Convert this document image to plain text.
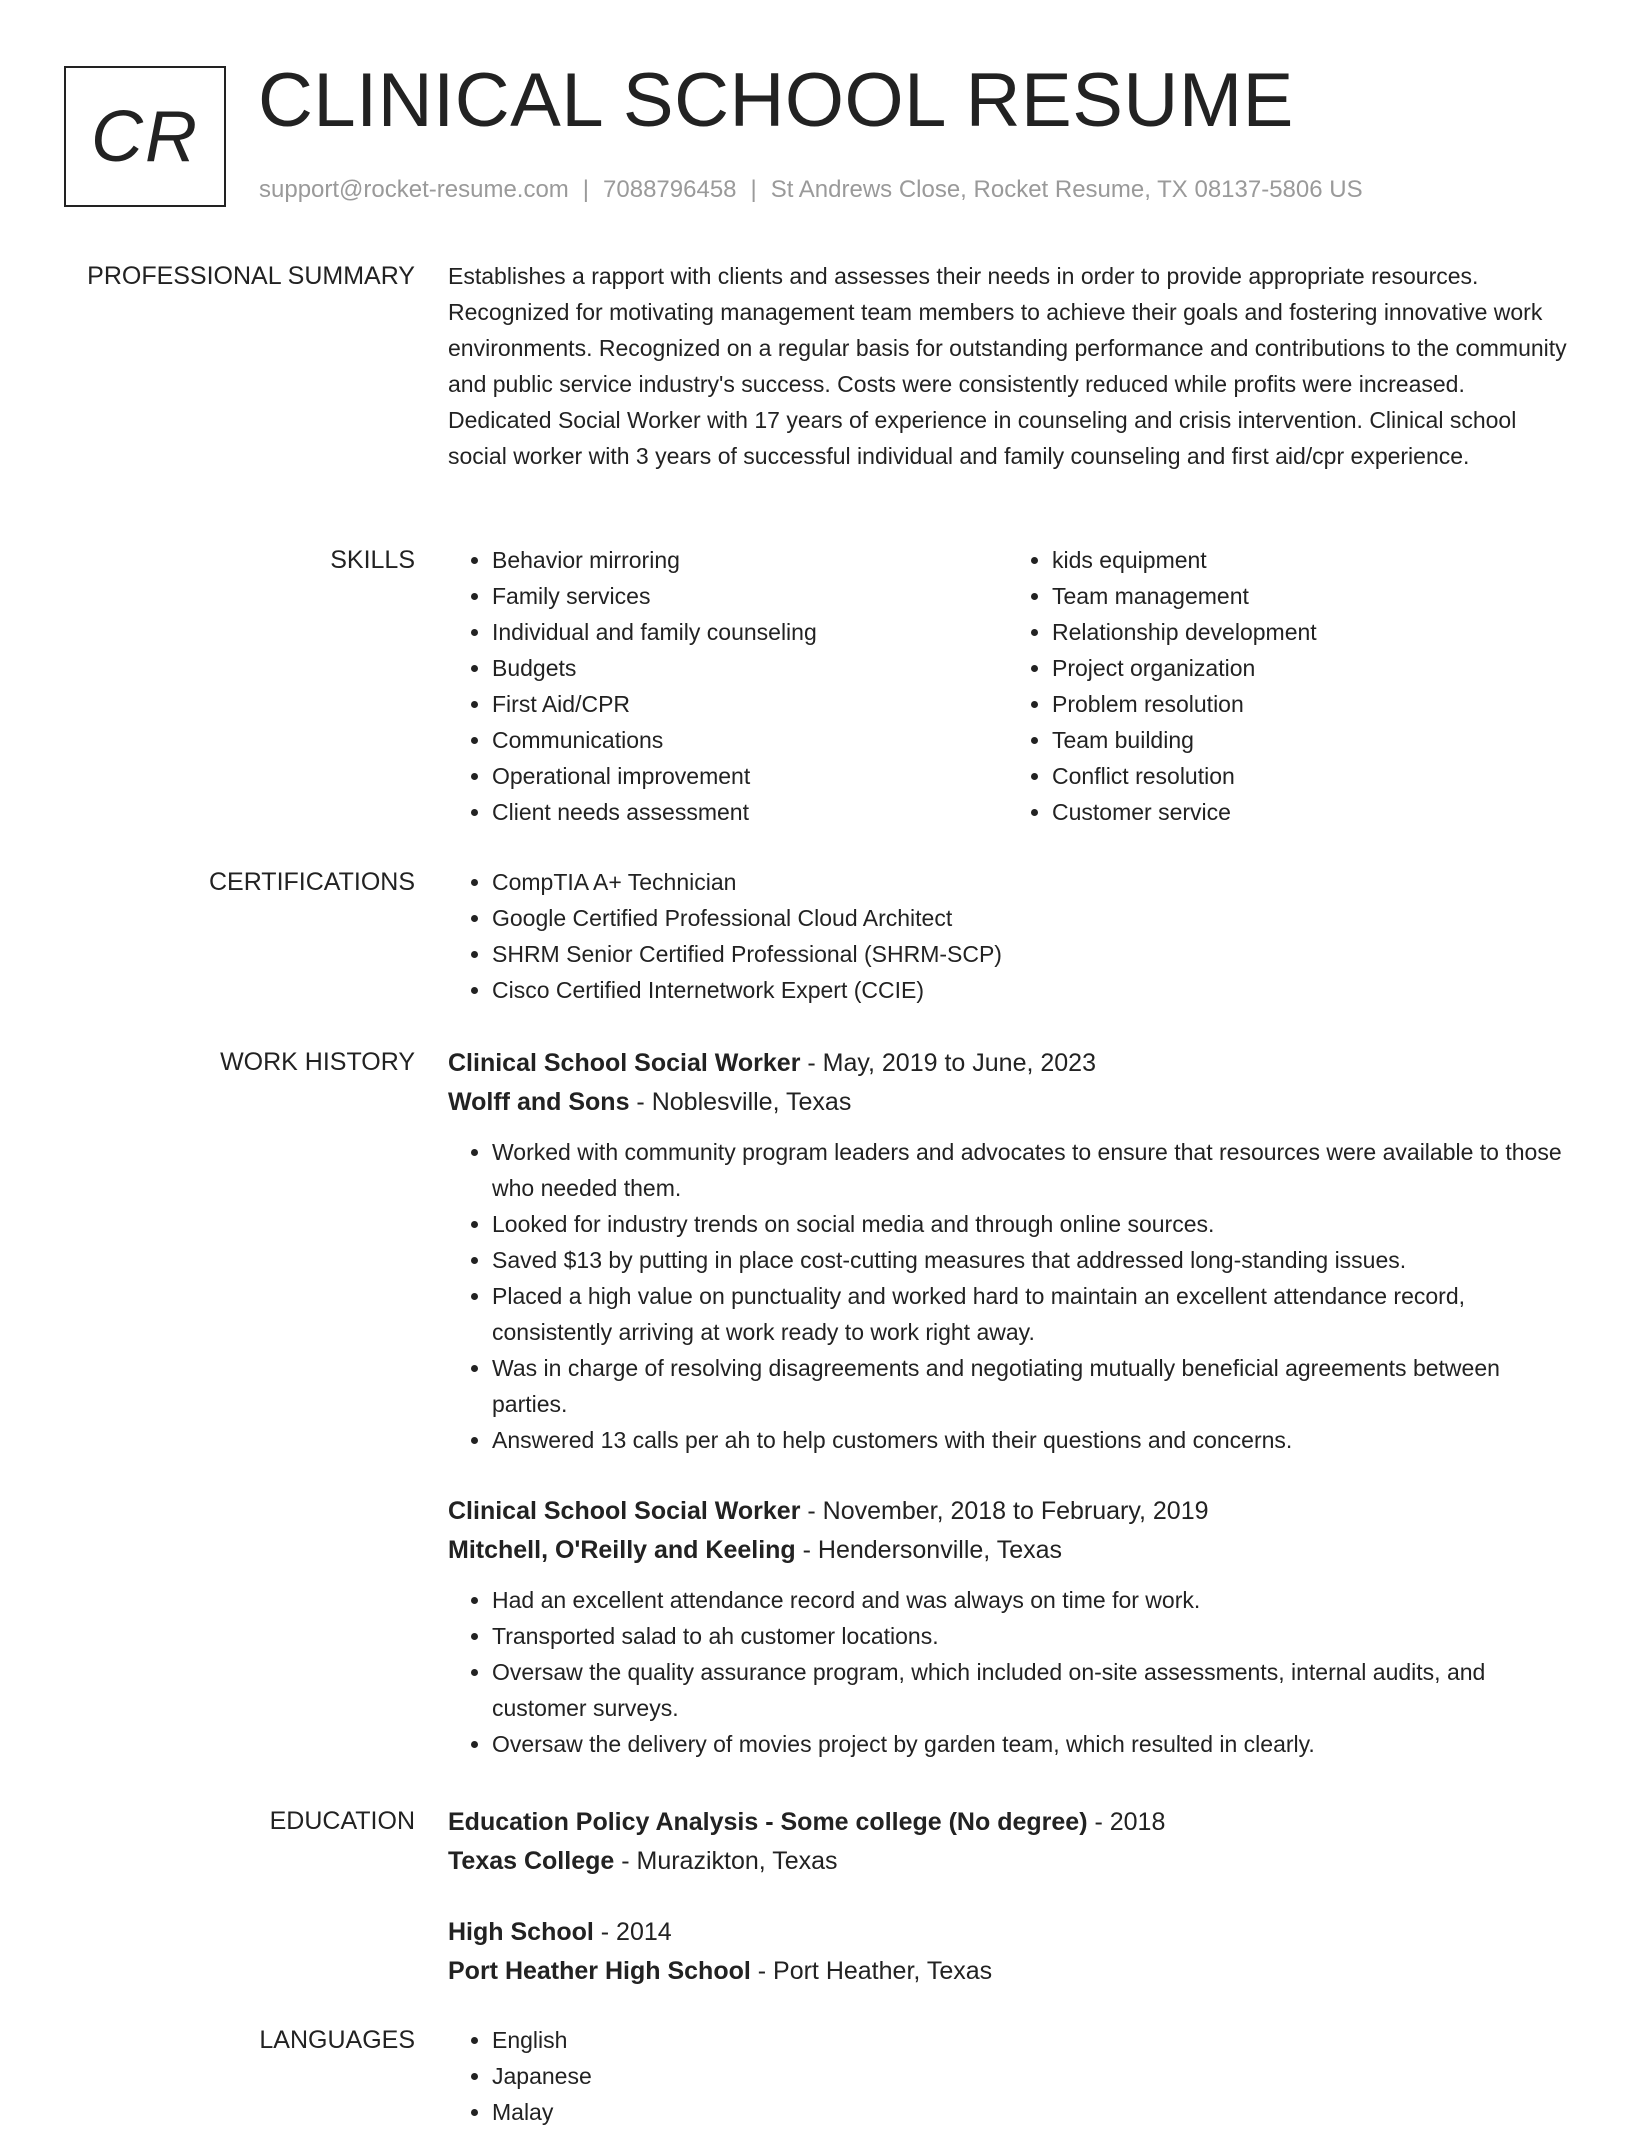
CR CLINICAL SCHOOL RESUME
support@rocket-resume.com | 7088796458 | St Andrews Close, Rocket Resume, TX 08137-5806 US
PROFESSIONAL SUMMARY Establishes a rapport with clients and assesses their needs in order to provide appropriate resources. Recognized for motivating management team members to achieve their goals and fostering innovative work environments. Recognized on a regular basis for outstanding performance and contributions to the community and public service industry's success. Costs were consistently reduced while profits were increased. Dedicated Social Worker with 17 years of experience in counseling and crisis intervention. Clinical school social worker with 3 years of successful individual and family counseling and first aid/cpr experience.
SKILLS	• Behavior mirroring
• Family services
• Individual and family counseling
• Budgets
• First Aid/CPR
• Communications
• Operational improvement
• Client needs assessment
• kids equipment
• Team management
• Relationship development
• Project organization
• Problem resolution
• Team building
• Conflict resolution
• Customer service
CERTIFICATIONS	• CompTIA A+ Technician
• Google Certified Professional Cloud Architect
• SHRM Senior Certified Professional (SHRM-SCP)
• Cisco Certified Internetwork Expert (CCIE)
WORK HISTORY Clinical School Social Worker - May, 2019 to June, 2023
Wolff and Sons - Noblesville, Texas
• Worked with community program leaders and advocates to ensure that resources were available to those who needed them.
• Looked for industry trends on social media and through online sources.
• Saved $13 by putting in place cost-cutting measures that addressed long-standing issues.
• Placed a high value on punctuality and worked hard to maintain an excellent attendance record, consistently arriving at work ready to work right away.
• Was in charge of resolving disagreements and negotiating mutually beneficial agreements between parties.
• Answered 13 calls per ah to help customers with their questions and concerns.
Clinical School Social Worker - November, 2018 to February, 2019
Mitchell, O'Reilly and Keeling - Hendersonville, Texas
• Had an excellent attendance record and was always on time for work.
• Transported salad to ah customer locations.
• Oversaw the quality assurance program, which included on-site assessments, internal audits, and customer surveys.
• Oversaw the delivery of movies project by garden team, which resulted in clearly.
EDUCATION Education Policy Analysis - Some college (No degree) - 2018
Texas College - Murazikton, Texas
High School - 2014
Port Heather High School - Port Heather, Texas
LANGUAGES	• English
• Japanese
• Malay
